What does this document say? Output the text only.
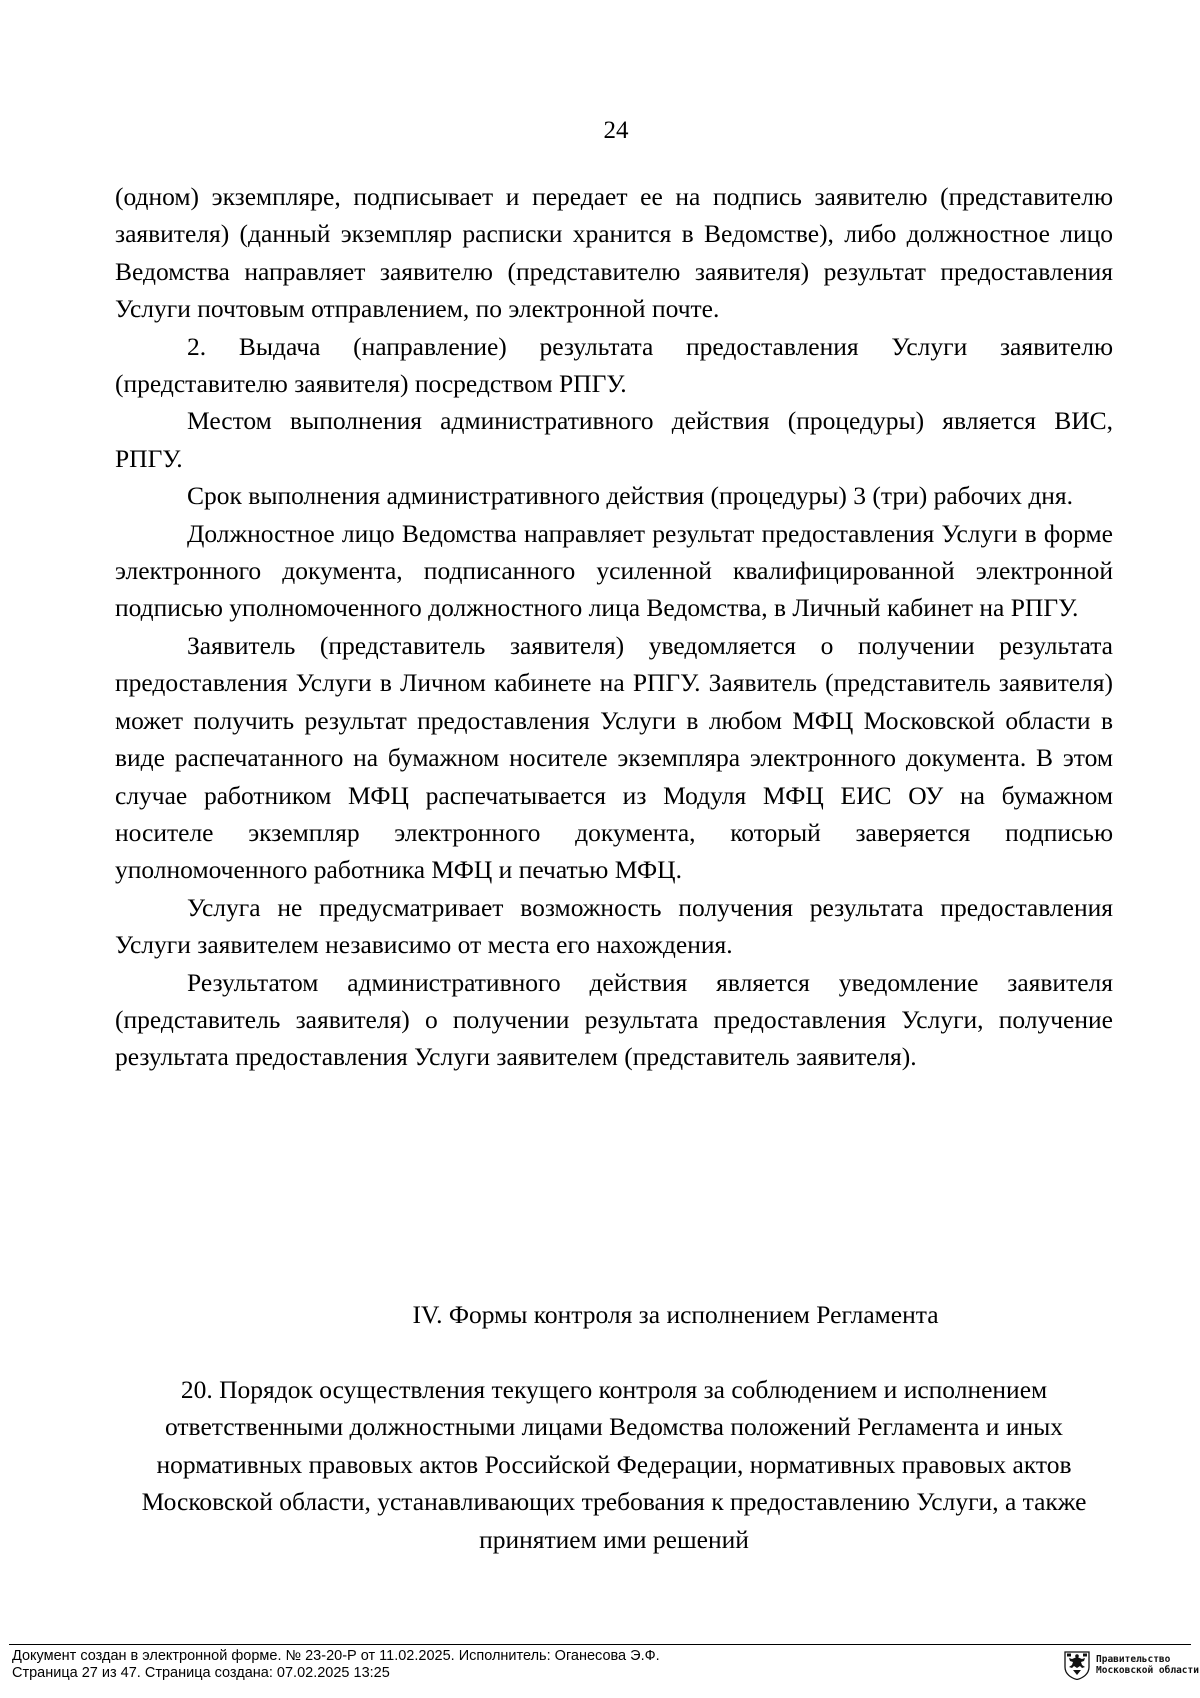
24

(одном) экземпляре, подписывает и передает ее на подпись заявителю (представителю заявителя) (данный экземпляр расписки хранится в Ведомстве), либо должностное лицо Ведомства направляет заявителю (представителю заявителя) результат предоставления Услуги почтовым отправлением, по электронной почте.

2. Выдача (направление) результата предоставления Услуги заявителю (представителю заявителя) посредством РПГУ.

Местом выполнения административного действия (процедуры) является ВИС, РПГУ.

Срок выполнения административного действия (процедуры) 3 (три) рабочих дня.

Должностное лицо Ведомства направляет результат предоставления Услуги в форме электронного документа, подписанного усиленной квалифицированной электронной подписью уполномоченного должностного лица Ведомства, в Личный кабинет на РПГУ.

Заявитель (представитель заявителя) уведомляется о получении результата предоставления Услуги в Личном кабинете на РПГУ. Заявитель (представитель заявителя) может получить результат предоставления Услуги в любом МФЦ Московской области в виде распечатанного на бумажном носителе экземпляра электронного документа. В этом случае работником МФЦ распечатывается из Модуля МФЦ ЕИС ОУ на бумажном носителе экземпляр электронного документа, который заверяется подписью уполномоченного работника МФЦ и печатью МФЦ.

Услуга не предусматривает возможность получения результата предоставления Услуги заявителем независимо от места его нахождения.

Результатом административного действия является уведомление заявителя (представитель заявителя) о получении результата предоставления Услуги, получение результата предоставления Услуги заявителем (представитель заявителя).

IV. Формы контроля за исполнением Регламента
20. Порядок осуществления текущего контроля за соблюдением и исполнением ответственными должностными лицами Ведомства положений Регламента и иных нормативных правовых актов Российской Федерации, нормативных правовых актов Московской области, устанавливающих требования к предоставлению Услуги, а также принятием ими решений
Документ создан в электронной форме. № 23-20-Р от 11.02.2025. Исполнитель: Оганесова Э.Ф.
Страница 27 из 47. Страница создана: 07.02.2025 13:25
Правительство
Московской области
